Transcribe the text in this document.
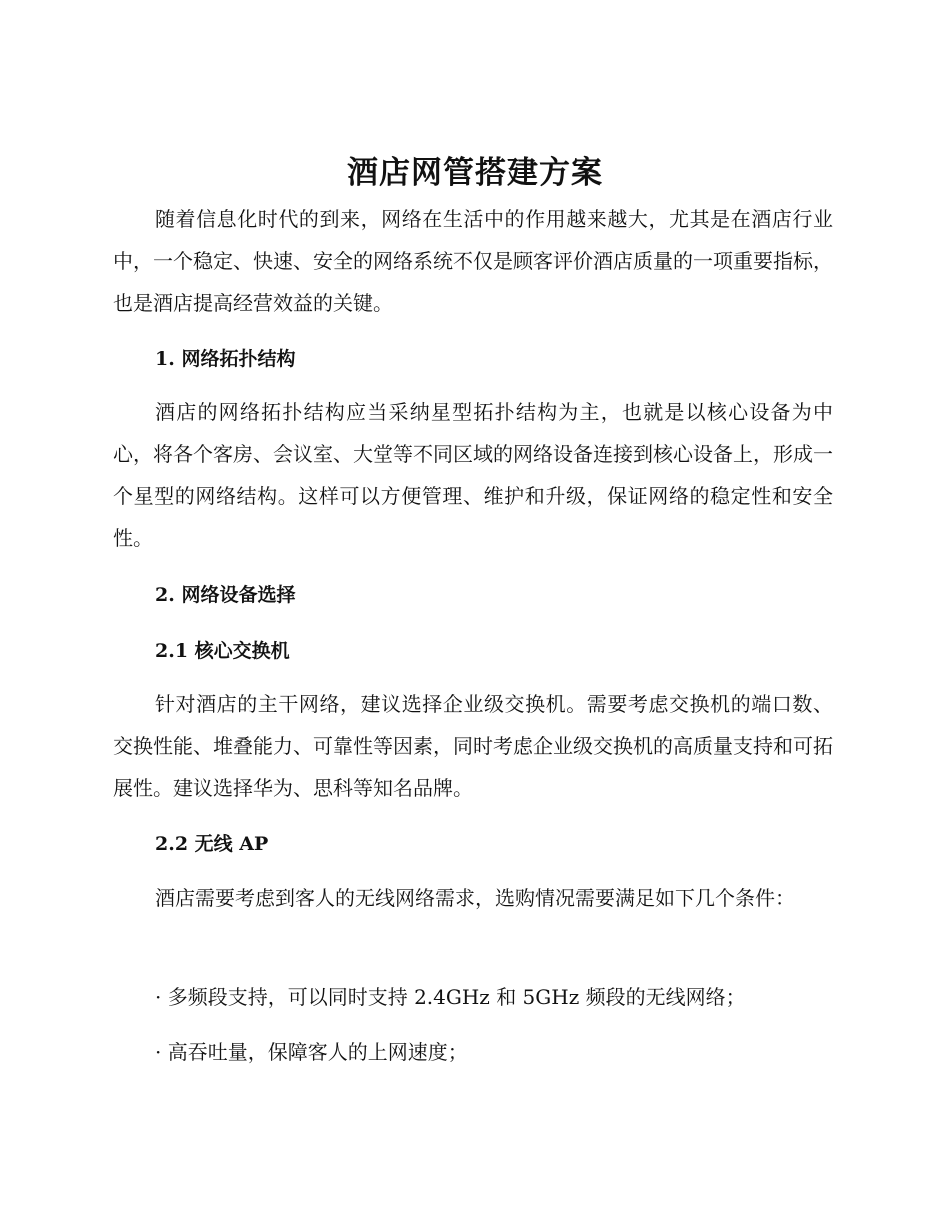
酒店网管搭建方案

随着信息化时代的到来，网络在生活中的作用越来越大，尤其是在酒店行业中，一个稳定、快速、安全的网络系统不仅是顾客评价酒店质量的一项重要指标，也是酒店提高经营效益的关键。

1. 网络拓扑结构

酒店的网络拓扑结构应当采纳星型拓扑结构为主，也就是以核心设备为中心，将各个客房、会议室、大堂等不同区域的网络设备连接到核心设备上，形成一个星型的网络结构。这样可以方便管理、维护和升级，保证网络的稳定性和安全性。

2. 网络设备选择
2.1 核心交换机

针对酒店的主干网络，建议选择企业级交换机。需要考虑交换机的端口数、交换性能、堆叠能力、可靠性等因素，同时考虑企业级交换机的高质量支持和可拓展性。建议选择华为、思科等知名品牌。

2.2 无线 AP

酒店需要考虑到客人的无线网络需求，选购情况需要满足如下几个条件：

· 多频段支持，可以同时支持 2.4GHz 和 5GHz 频段的无线网络；

· 高吞吐量，保障客人的上网速度；
